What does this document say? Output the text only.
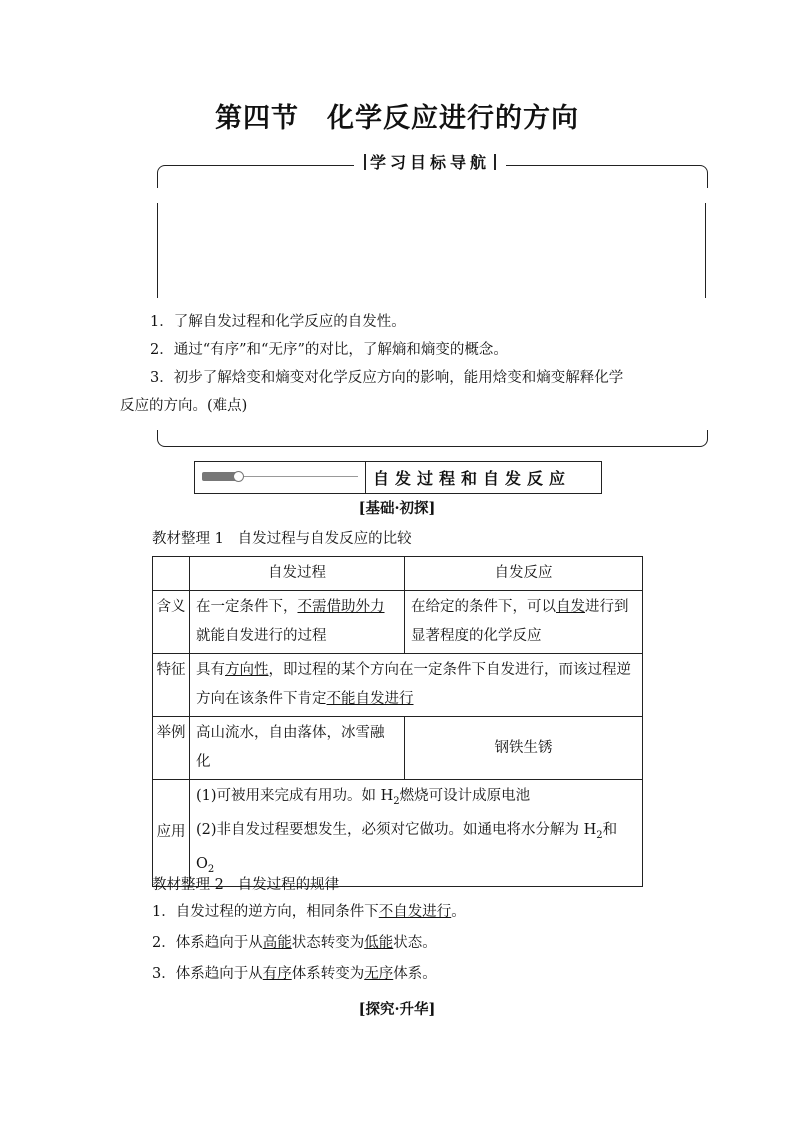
第四节 化学反应进行的方向
学习目标导航

1．了解自发过程和化学反应的自发性。

2．通过“有序”和“无序”的对比，了解熵和熵变的概念。

3．初步了解焓变和熵变对化学反应方向的影响，能用焓变和熵变解释化学

反应的方向。(难点)

自发过程和自发反应
[基础·初探]
教材整理 1 自发过程与自发反应的比较
	自发过程	自发反应
含义	在一定条件下，不需借助外力就能自发进行的过程	在给定的条件下，可以自发进行到显著程度的化学反应
特征	具有方向性，即过程的某个方向在一定条件下自发进行，而该过程逆方向在该条件下肯定不能自发进行	
举例	高山流水，自由落体，冰雪融化	钢铁生锈
应用	(1)可被用来完成有用功。如 $H_2$燃烧可设计成原电池
(2)非自发过程要想发生，必须对它做功。如通电将水分解为 $H_2$和 $O_2$
教材整理 2 自发过程的规律

1．自发过程的逆方向，相同条件下不自发进行。

2．体系趋向于从高能状态转变为低能状态。

3．体系趋向于从有序体系转变为无序体系。

[探究·升华]
